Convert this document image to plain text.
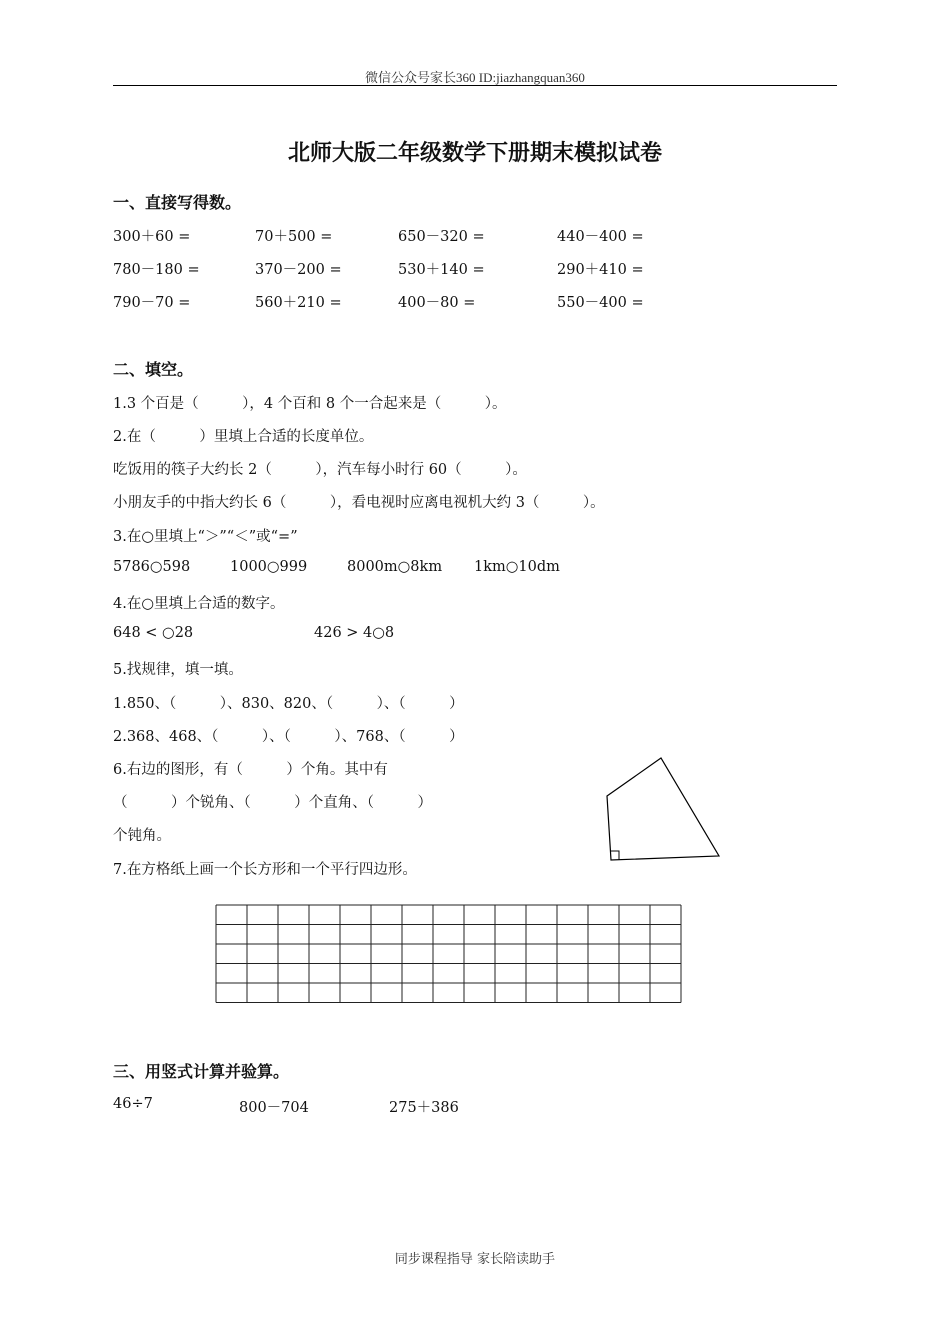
微信公众号家长360 ID:jiazhangquan360
北师大版二年级数学下册期末模拟试卷
一、直接写得数。
300＋60 =	70＋500 =	650－320 =	440－400 =
780－180 =	370－200 =	530＋140 =	290＋410 =
790－70 =	560＋210 =	400－80 =	550－400 =
二、填空。
1.3 个百是（　　　），4 个百和 8 个一合起来是（　　　）。
2.在（　　　）里填上合适的长度单位。
吃饭用的筷子大约长 2（　　　），汽车每小时行 60（　　　）。
小朋友手的中指大约长 6（　　　），看电视时应离电视机大约 3（　　　）。
3.在○里填上“＞”“＜”或“=”
5786○598	1000○999	8000m○8km 1km○10dm
4.在○里填上合适的数字。
648 < ○28	426 > 4○8
5.找规律，填一填。
1.850、（　　　）、830、820、（　　　）、（　　　）
2.368、468、（　　　）、（　　　）、768、（　　　）
6.右边的图形，有（　　　）个角。其中有
（　　　）个锐角、（　　　）个直角、（　　　）
个钝角。
7.在方格纸上画一个长方形和一个平行四边形。
三、用竖式计算并验算。
46÷7	800－704	275＋386
同步课程指导 家长陪读助手
